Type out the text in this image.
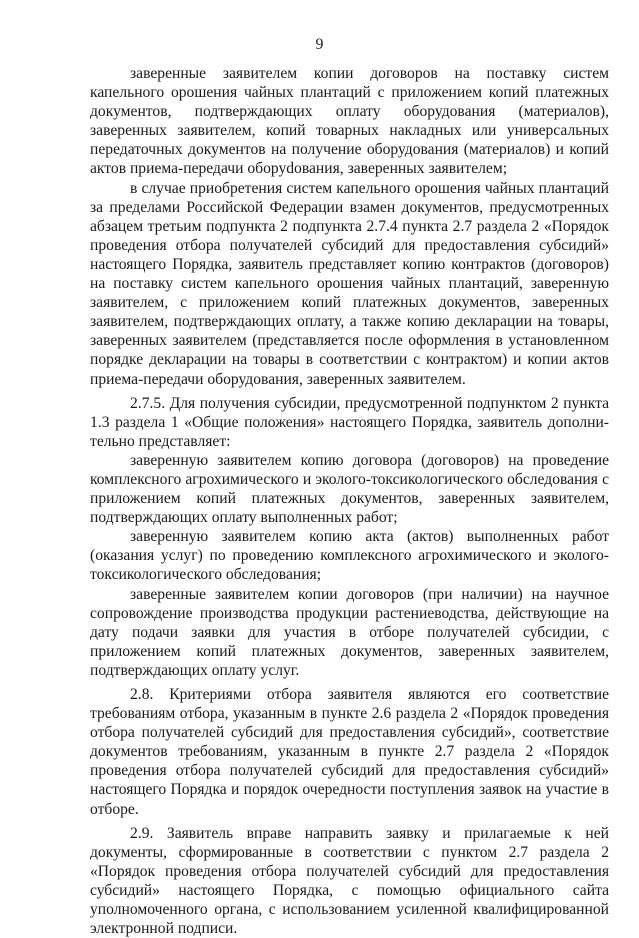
9

заверенные заявителем копии договоров на поставку систем капельного орошения чайных плантаций с приложением копий платежных документов, подтверждающих оплату оборудования (материалов), заверенных заявителем, копий товарных накладных или универсальных передаточных документов на получение оборудования (материалов) и копий актов приема-передачи оборуdования, заверенных заявителем;

в случае приобретения систем капельного орошения чайных плантаций за пределами Российской Федерации взамен документов, предусмотренных абзацем третьим подпункта 2 подпункта 2.7.4 пункта 2.7 раздела 2 «Порядок проведения отбора получателей субсидий для предоставления субсидий» настоящего Порядка, заявитель представляет копию контрактов (договоров) на поставку систем капельного орошения чайных плантаций, заверенную заявителем, с приложением копий платежных документов, заверенных заявителем, подтверждающих оплату, а также копию декларации на товары, заверенных заявителем (представляется после оформления в установленном порядке декларации на товары в соответствии с контрактом) и копии актов приема-передачи оборудования, заверенных заявителем.

2.7.5. Для получения субсидии, предусмотренной подпунктом 2 пункта 1.3 раздела 1 «Общие положения» настоящего Порядка, заявитель дополнительно представляет:

заверенную заявителем копию договора (договоров) на проведение комплексного агрохимического и эколого-токсикологического обследования с приложением копий платежных документов, заверенных заявителем, подтверждающих оплату выполненных работ;

заверенную заявителем копию акта (актов) выполненных работ (оказания услуг) по проведению комплексного агрохимического и эколого-токсикологического обследования;

заверенные заявителем копии договоров (при наличии) на научное сопровождение производства продукции растениеводства, действующие на дату подачи заявки для участия в отборе получателей субсидии, с приложением копий платежных документов, заверенных заявителем, подтверждающих оплату услуг.

2.8. Критериями отбора заявителя являются его соответствие требованиям отбора, указанным в пункте 2.6 раздела 2 «Порядок проведения отбора получателей субсидий для предоставления субсидий», соответствие документов требованиям, указанным в пункте 2.7 раздела 2 «Порядок проведения отбора получателей субсидий для предоставления субсидий» настоящего Порядка и порядок очередности поступления заявок на участие в отборе.

2.9. Заявитель вправе направить заявку и прилагаемые к ней документы, сформированные в соответствии с пунктом 2.7 раздела 2 «Порядок проведения отбора получателей субсидий для предоставления субсидий» настоящего Порядка, с помощью официального сайта уполномоченного органа, с использованием усиленной квалифицированной электронной подписи.
